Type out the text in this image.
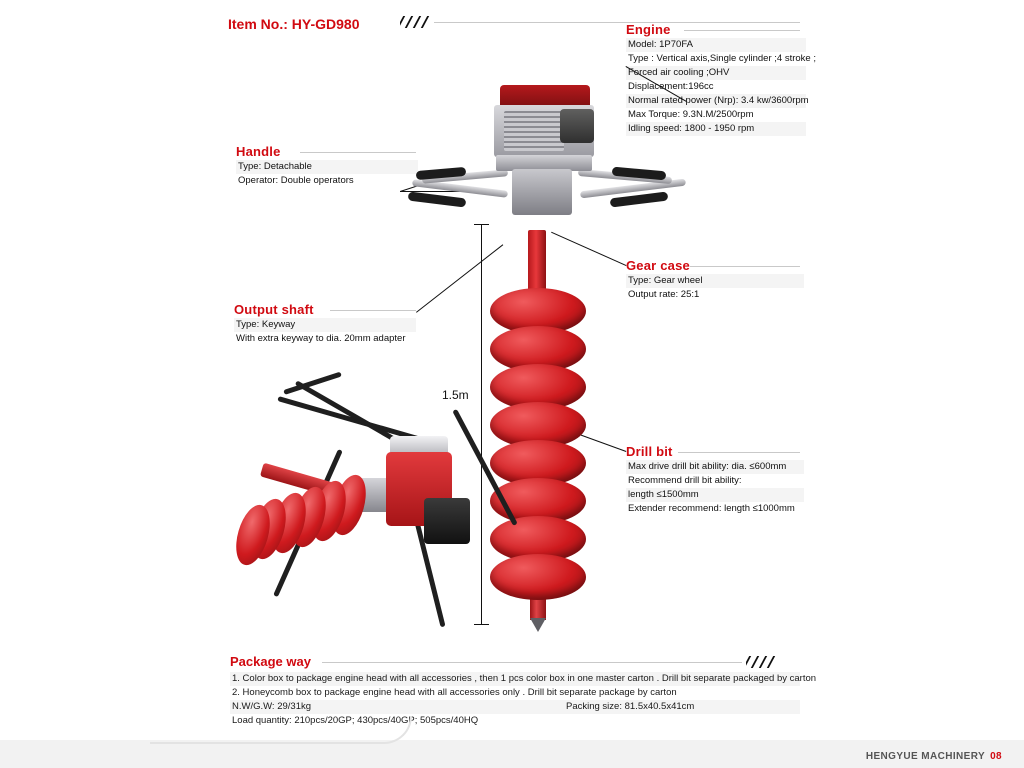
Item No.: HY-GD980	Engine
Model: 1P70FA
Type : Vertical axis,Single cylinder ;4 stroke ;
Forced air cooling ;OHV
Displacement:196cc
Normal rated power (Nrp): 3.4 kw/3600rpm
Max Torque: 9.3N.M/2500rpm
Idling speed: 1800 - 1950 rpm
Handle
Type: Detachable
Operator: Double operators
Output shaft
Type: Keyway
With extra keyway to dia. 20mm adapter
Gear case
Type: Gear wheel
Output rate: 25:1
Drill bit
Max drive drill bit ability: dia. ≤600mm
Recommend drill bit ability:
length ≤1500mm
Extender recommend: length ≤1000mm
1.5m
Package way
1. Color box to package engine head with all accessories , then 1 pcs color box in one master carton . Drill bit separate packaged by carton
2. Honeycomb box to package engine head with all accessories only . Drill bit separate package by carton
N.W/G.W: 29/31kg	Packing size: 81.5x40.5x41cm
Load quantity: 210pcs/20GP; 430pcs/40GP; 505pcs/40HQ
HENGYUE MACHINERY 08
